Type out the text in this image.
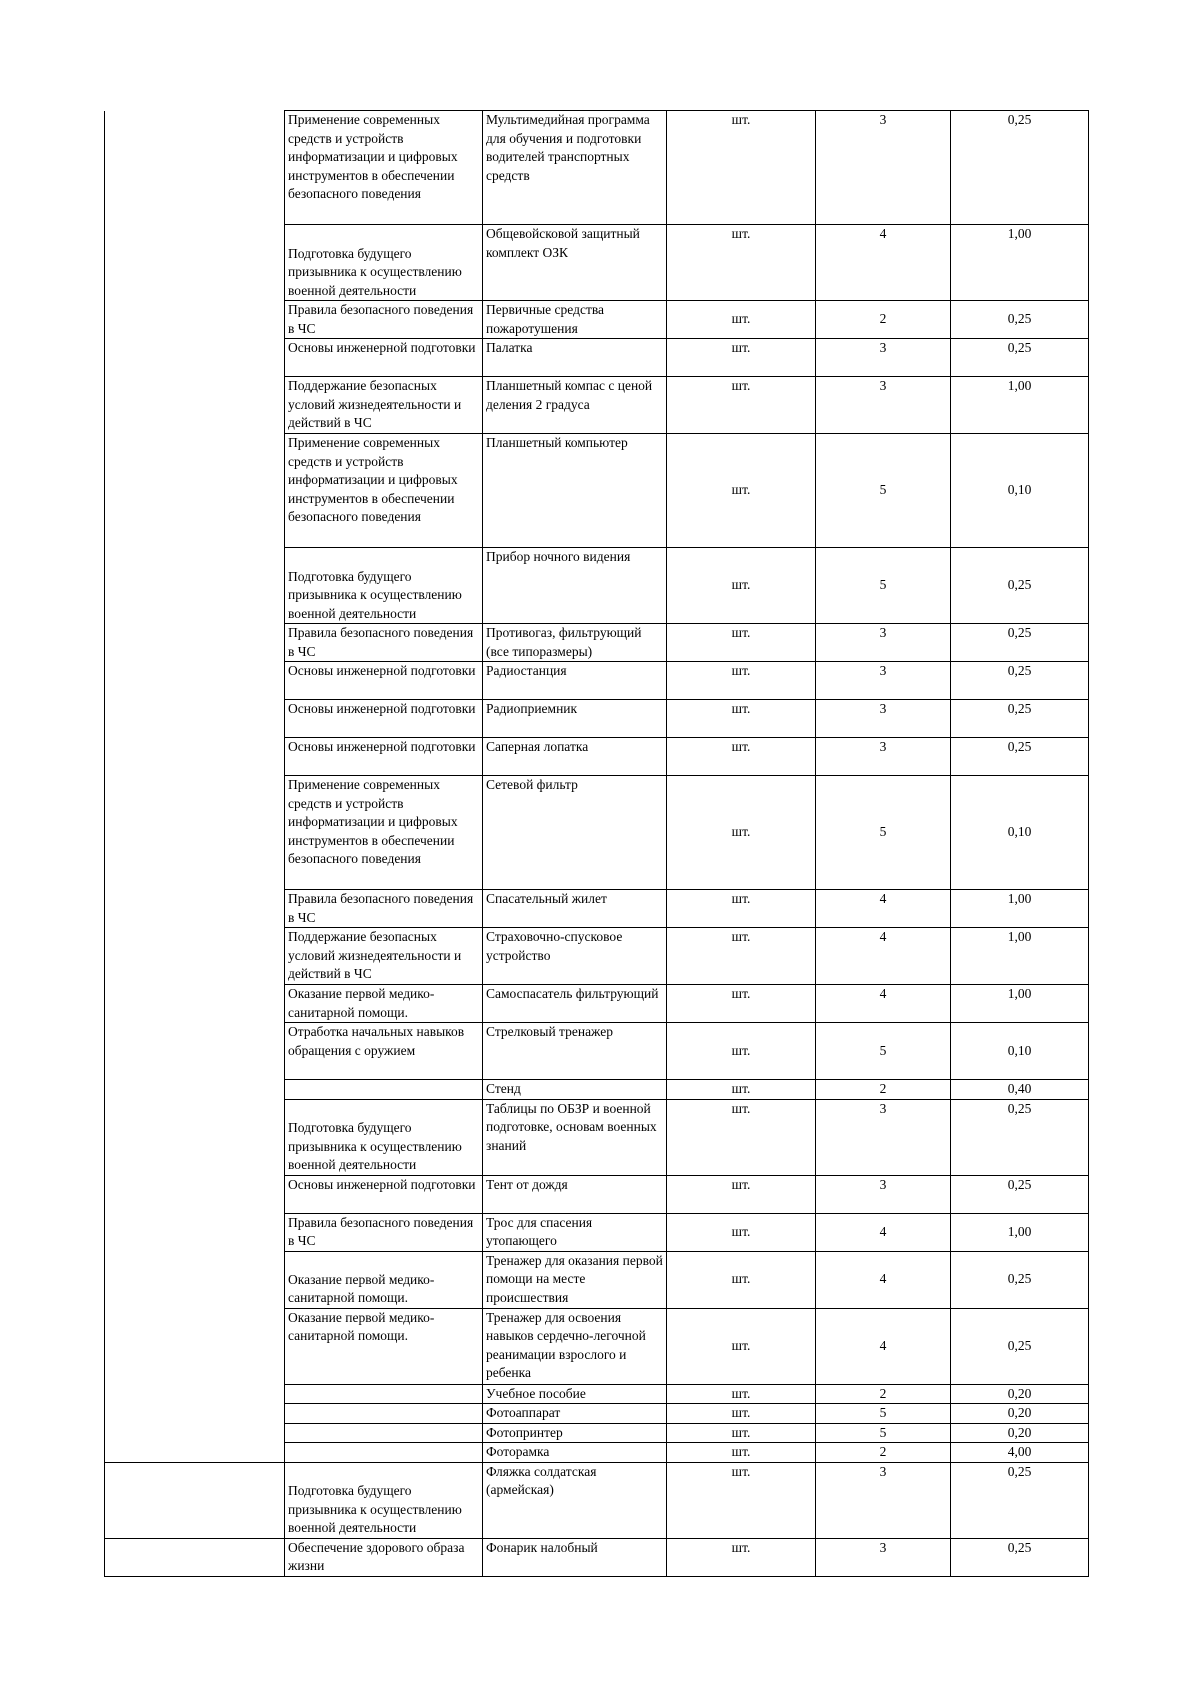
	Применение современных средств и устройств информатизации и цифровых инструментов в обеспечении безопасного поведения	Мультимедийная программа для обучения и подготовки водителей транспортных средств	шт.	3	0,25
	Подготовка будущего призывника к осуществлению военной деятельности	Общевойсковой защитный комплект ОЗК	шт.	4	1,00
	Правила безопасного поведения в ЧС	Первичные средства пожаротушения	шт.	2	0,25
	Основы инженерной подготовки	Палатка	шт.	3	0,25
	Поддержание безопасных условий жизнедеятельности и действий в ЧС	Планшетный компас с ценой деления 2 градуса	шт.	3	1,00
	Применение современных средств и устройств информатизации и цифровых инструментов в обеспечении безопасного поведения	Планшетный компьютер	шт.	5	0,10
	Подготовка будущего призывника к осуществлению военной деятельности	Прибор ночного видения	шт.	5	0,25
	Правила безопасного поведения в ЧС	Противогаз, фильтрующий (все типоразмеры)	шт.	3	0,25
	Основы инженерной подготовки	Радиостанция	шт.	3	0,25
	Основы инженерной подготовки	Радиоприемник	шт.	3	0,25
	Основы инженерной подготовки	Саперная лопатка	шт.	3	0,25
	Применение современных средств и устройств информатизации и цифровых инструментов в обеспечении безопасного поведения	Сетевой фильтр	шт.	5	0,10
	Правила безопасного поведения в ЧС	Спасательный жилет	шт.	4	1,00
	Поддержание безопасных условий жизнедеятельности и действий в ЧС	Страховочно-спусковое устройство	шт.	4	1,00
	Оказание первой медико-санитарной помощи.	Самоспасатель фильтрующий	шт.	4	1,00
	Отработка начальных навыков обращения с оружием	Стрелковый тренажер	шт.	5	0,10
		Стенд	шт.	2	0,40
	Подготовка будущего призывника к осуществлению военной деятельности	Таблицы по ОБЗР и военной подготовке, основам военных знаний	шт.	3	0,25
	Основы инженерной подготовки	Тент от дождя	шт.	3	0,25
	Правила безопасного поведения в ЧС	Трос для спасения утопающего	шт.	4	1,00
	Оказание первой медико-санитарной помощи.	Тренажер для оказания первой помощи на месте происшествия	шт.	4	0,25
	Оказание первой медико-санитарной помощи.	Тренажер для освоения навыков сердечно-легочной реанимации взрослого и ребенка	шт.	4	0,25
		Учебное пособие	шт.	2	0,20
		Фотоаппарат	шт.	5	0,20
		Фотопринтер	шт.	5	0,20
		Фоторамка	шт.	2	4,00
	Подготовка будущего призывника к осуществлению военной деятельности	Фляжка солдатская (армейская)	шт.	3	0,25
	Обеспечение здорового образа жизни	Фонарик налобный	шт.	3	0,25
